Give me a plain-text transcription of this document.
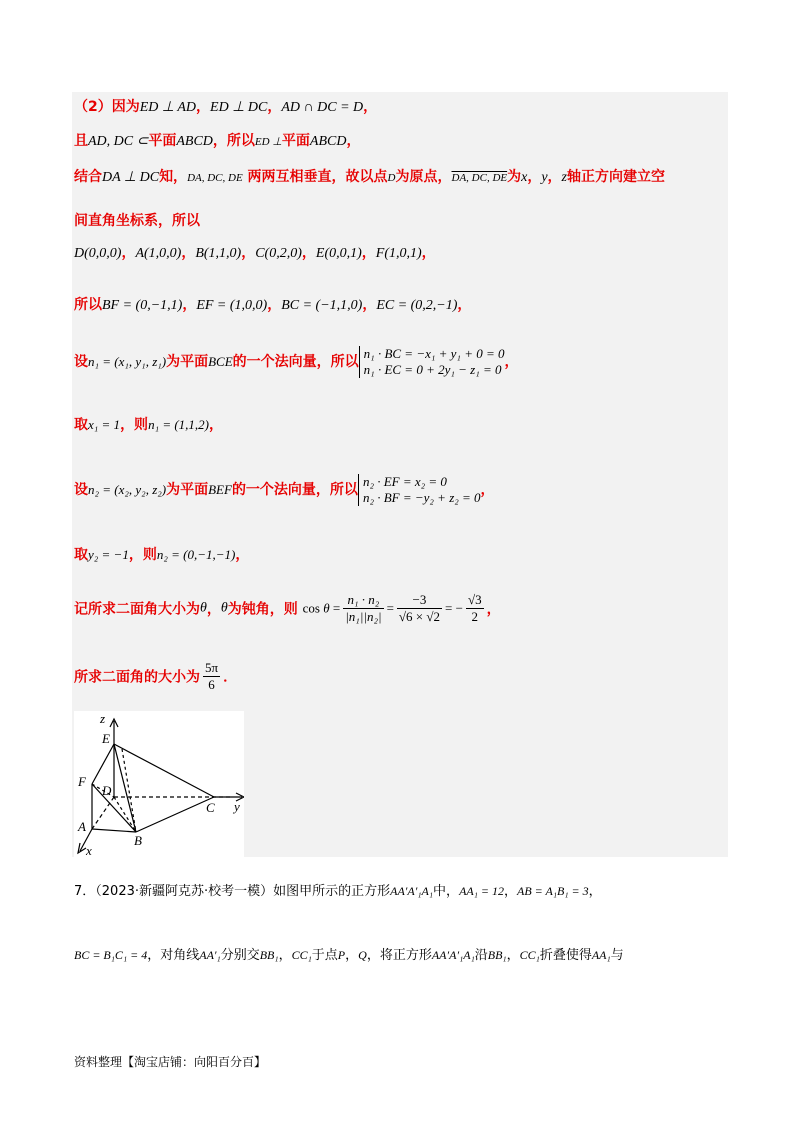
（2）因为ED ⊥ AD，ED ⊥ DC，AD ∩ DC = D，
且AD, DC ⊂平面ABCD，所以ED ⊥平面ABCD，
结合DA ⊥ DC知，DA, DC, DE 两两互相垂直，故以点D为原点，DA, DC, DE为x，y，z轴正方向建立空
间直角坐标系，所以
D(0,0,0)，A(1,0,0)，B(1,1,0)，C(0,2,0)，E(0,0,1)，F(1,0,1)，
所以BF = (0,−1,1)，EF = (1,0,0)，BC = (−1,1,0)，EC = (0,2,−1)，
设n₁ = (x₁, y₁, z₁)为平面BCE的一个法向量，所以
n₁ · BC = −x₁ + y₁ + 0 = 0
n₁ · EC = 0 + 2y₁ − z₁ = 0 ，
取x₁ = 1，则n₁ = (1,1,2)，
设n₂ = (x₂, y₂, z₂)为平面BEF的一个法向量，所以
n₂ · EF = x₂ = 0
n₂ · BF = −y₂ + z₂ = 0 ，
取y₂ = −1，则n₂ = (0,−1,−1)，
记所求二面角大小为θ，θ为钝角，则 $\cos \theta = \frac{\text{n₁ · n₂}}{\text{|n₁||n₂|}} = \frac{-3}{√6 \times √2}$ = − $\frac{√3}{2}$ ，
所求二面角的大小为 $\frac{5\pi}{6}$ ．
z
E
F
D
C y
A
B
x
7．（2023·新疆阿克苏·校考一模）如图甲所示的正方形AA′A′₁A₁中，AA₁ = 12，AB = A₁B₁ = 3，
BC = B₁C₁ = 4，对角线AA′₁分别交BB₁，CC₁于点P，Q，将正方形AA′A′₁A₁沿BB₁，CC₁折叠使得AA₁与
资料整理【淘宝店铺：向阳百分百】
